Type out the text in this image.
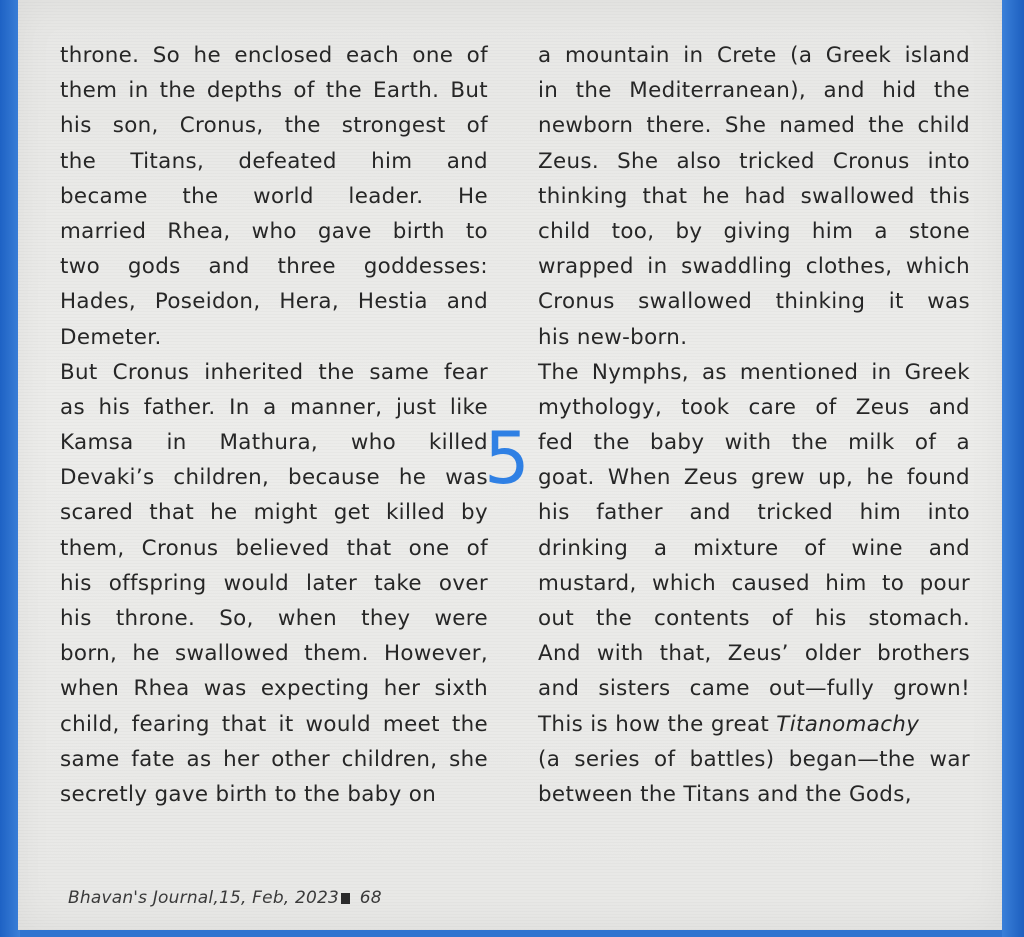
throne. So he enclosed each one of
them in the depths of the Earth. But
his son, Cronus, the strongest of
the Titans, defeated him and
became the world leader. He
married Rhea, who gave birth to
two gods and three goddesses:
Hades, Poseidon, Hera, Hestia and
Demeter.
But Cronus inherited the same fear
as his father. In a manner, just like
Kamsa in Mathura, who killed
Devaki’s children, because he was
scared that he might get killed by
them, Cronus believed that one of
his offspring would later take over
his throne. So, when they were
born, he swallowed them. However,
when Rhea was expecting her sixth
child, fearing that it would meet the
same fate as her other children, she
secretly gave birth to the baby on
a mountain in Crete (a Greek island
in the Mediterranean), and hid the
newborn there. She named the child
Zeus. She also tricked Cronus into
thinking that he had swallowed this
child too, by giving him a stone
wrapped in swaddling clothes, which
Cronus swallowed thinking it was
his new-born.
The Nymphs, as mentioned in Greek
mythology, took care of Zeus and
fed the baby with the milk of a
goat. When Zeus grew up, he found
his father and tricked him into
drinking a mixture of wine and
mustard, which caused him to pour
out the contents of his stomach.
And with that, Zeus’ older brothers
and sisters came out—fully grown!
This is how the great Titanomachy
(a series of battles) began—the war
between the Titans and the Gods,
5
Bhavan's Journal,15, Feb, 2023 68
